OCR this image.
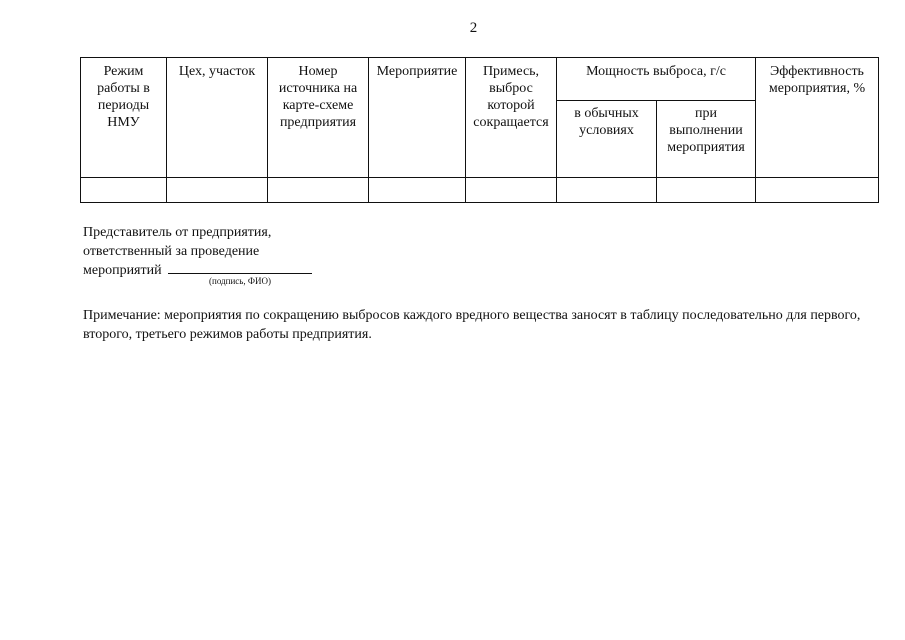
2
Режим работы в периоды НМУ	Цех, участок	Номер источника на карте-схеме предприятия	Мероприятие	Примесь, выброс которой сокращается	Мощность выброса, г/с		Эффективность мероприятия, %
					в обычных условиях	при выполнении мероприятия	

Представитель от предприятия,
ответственный за проведение
мероприятий
(подпись, ФИО)
Примечание: мероприятия по сокращению выбросов каждого вредного вещества заносят в таблицу последовательно для первого, второго, третьего режимов работы предприятия.
